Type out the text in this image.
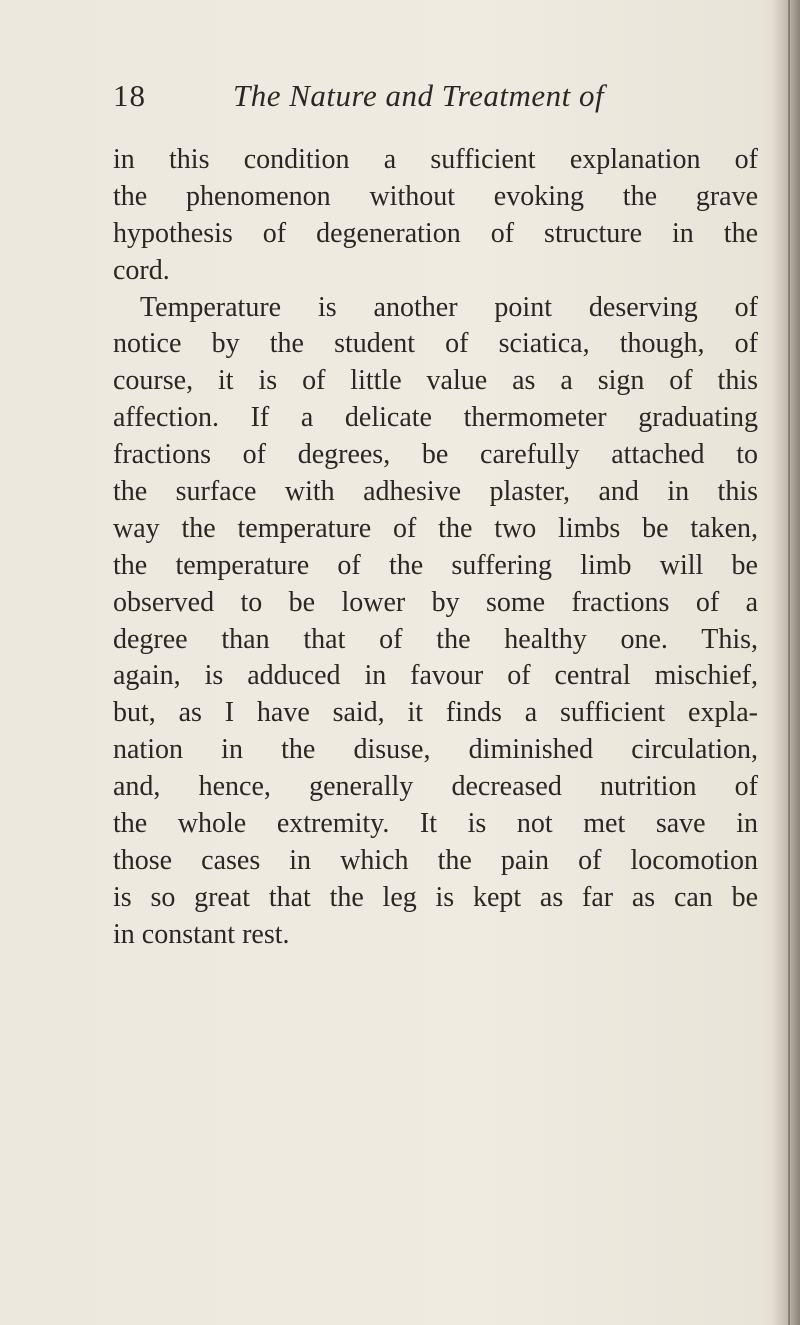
18	The Nature and Treatment of
in this condition a sufficient explanation of
the phenomenon without evoking the grave
hypothesis of degeneration of structure in the
cord.
Temperature is another point deserving of
notice by the student of sciatica, though, of
course, it is of little value as a sign of this
affection. If a delicate thermometer graduating
fractions of degrees, be carefully attached to
the surface with adhesive plaster, and in this
way the temperature of the two limbs be taken,
the temperature of the suffering limb will be
observed to be lower by some fractions of a
degree than that of the healthy one. This,
again, is adduced in favour of central mischief,
but, as I have said, it finds a sufficient expla-
nation in the disuse, diminished circulation,
and, hence, generally decreased nutrition of
the whole extremity. It is not met save in
those cases in which the pain of locomotion
is so great that the leg is kept as far as can be
in constant rest.
